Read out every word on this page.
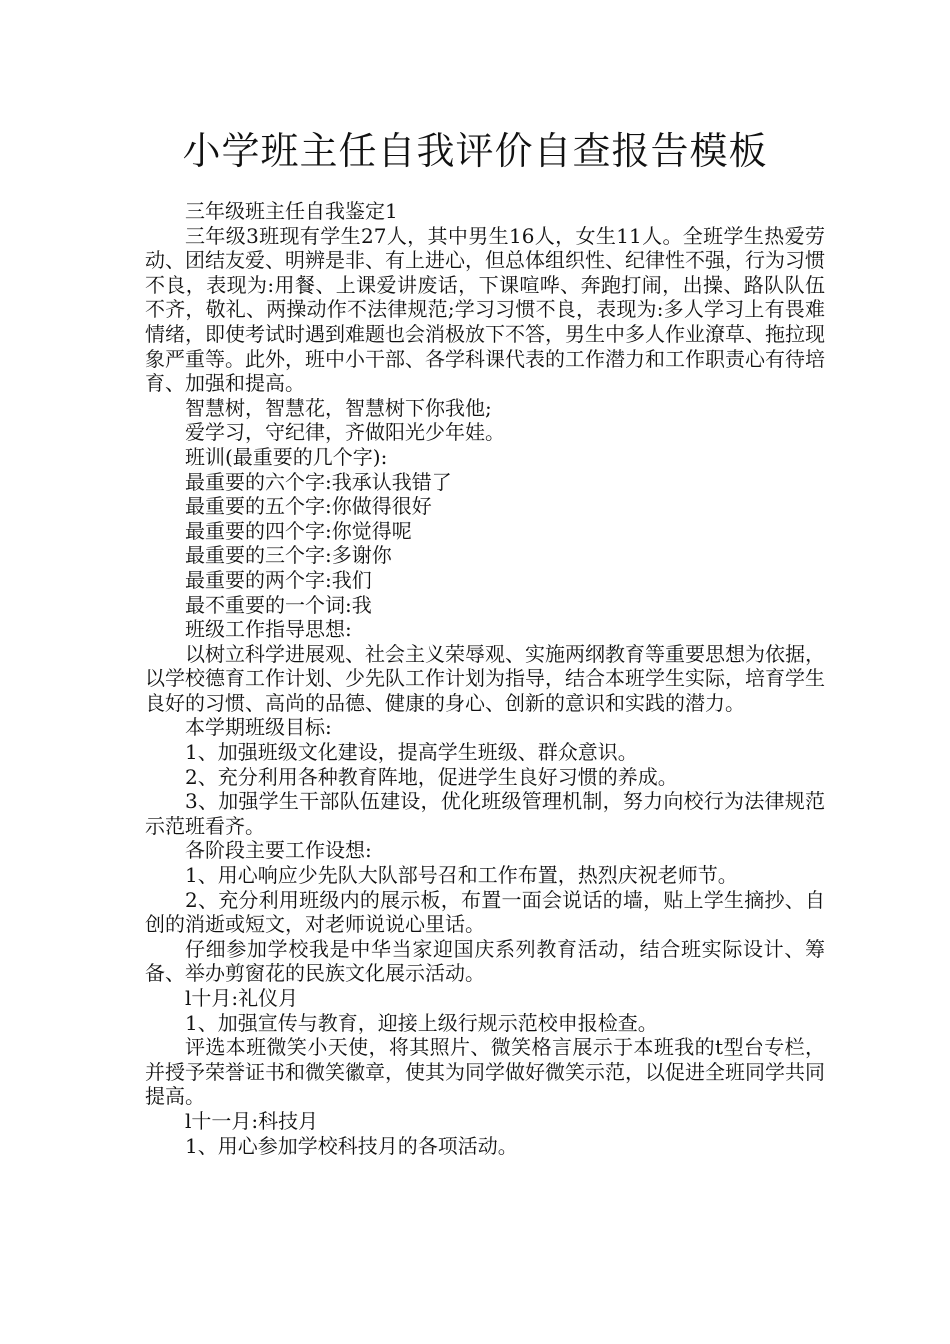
小学班主任自我评价自查报告模板

三年级班主任自我鉴定1

三年级3班现有学生27人，其中男生16人，女生11人。全班学生热爱劳动、团结友爱、明辨是非、有上进心，但总体组织性、纪律性不强，行为习惯不良，表现为:用餐、上课爱讲废话，下课喧哗、奔跑打闹，出操、路队队伍不齐，敬礼、两操动作不法律规范;学习习惯不良，表现为:多人学习上有畏难情绪，即使考试时遇到难题也会消极放下不答，男生中多人作业潦草、拖拉现象严重等。此外，班中小干部、各学科课代表的工作潜力和工作职责心有待培育、加强和提高。

智慧树，智慧花，智慧树下你我他;

爱学习，守纪律，齐做阳光少年娃。

班训(最重要的几个字):

最重要的六个字:我承认我错了

最重要的五个字:你做得很好

最重要的四个字:你觉得呢

最重要的三个字:多谢你

最重要的两个字:我们

最不重要的一个词:我

班级工作指导思想:

以树立科学进展观、社会主义荣辱观、实施两纲教育等重要思想为依据，以学校德育工作计划、少先队工作计划为指导，结合本班学生实际，培育学生良好的习惯、高尚的品德、健康的身心、创新的意识和实践的潜力。

本学期班级目标:

1、加强班级文化建设，提高学生班级、群众意识。

2、充分利用各种教育阵地，促进学生良好习惯的养成。

3、加强学生干部队伍建设，优化班级管理机制，努力向校行为法律规范示范班看齐。

各阶段主要工作设想:

1、用心响应少先队大队部号召和工作布置，热烈庆祝老师节。

2、充分利用班级内的展示板，布置一面会说话的墙，贴上学生摘抄、自创的消逝或短文，对老师说说心里话。

仔细参加学校我是中华当家迎国庆系列教育活动，结合班实际设计、筹备、举办剪窗花的民族文化展示活动。

l十月:礼仪月

1、加强宣传与教育，迎接上级行规示范校申报检查。

评选本班微笑小天使，将其照片、微笑格言展示于本班我的t型台专栏，并授予荣誉证书和微笑徽章，使其为同学做好微笑示范，以促进全班同学共同提高。

l十一月:科技月

1、用心参加学校科技月的各项活动。
